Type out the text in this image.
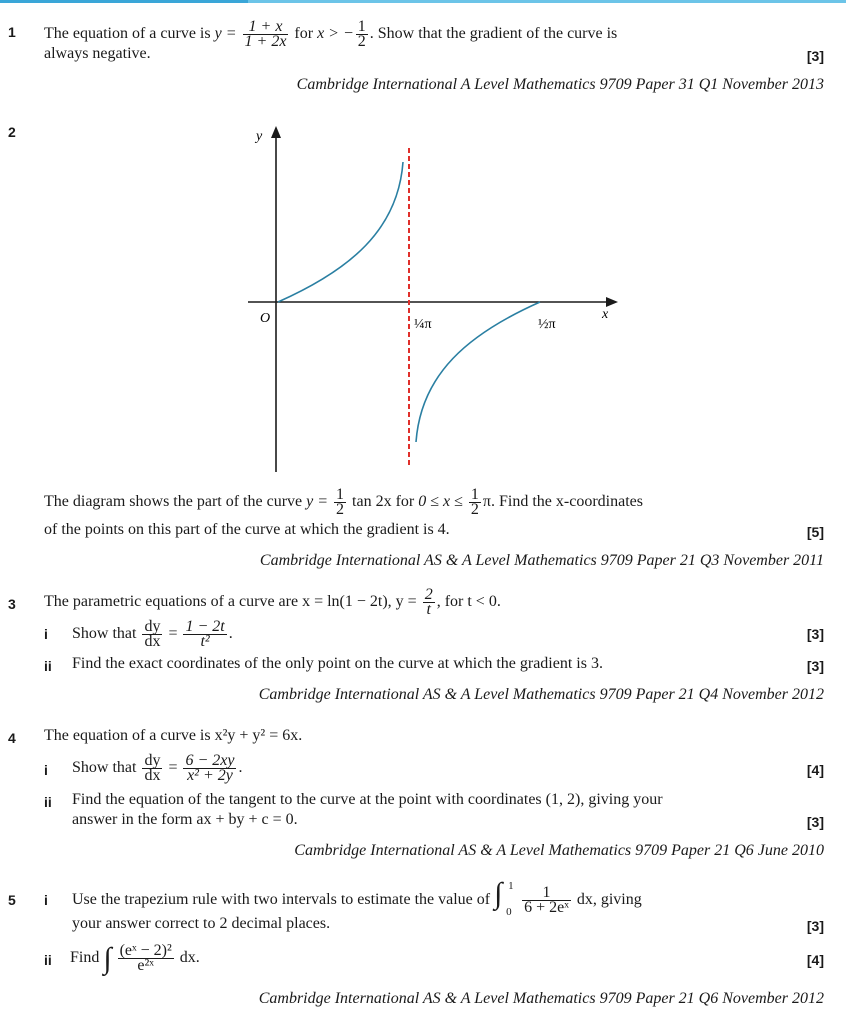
1 The equation of a curve is $y = \frac{1 + x}{1 + 2x}$ for x > − $\frac{1}{2}$ . Show that the gradient of the curve is
always negative.	[3]
Cambridge International A Level Mathematics 9709 Paper 31 Q1 November 2013
2	y
x
O	¼π	½π
The diagram shows the part of the curve $y = \frac{1}{2}$ tan 2x for $0 \le x \le \frac{1}{2} \pi$. Find the x-coordinates
of the points on this part of the curve at which the gradient is 4.	[5]
Cambridge International AS & A Level Mathematics 9709 Paper 21 Q3 November 2011
3 The parametric equations of a curve are x = ln(1 − 2t), $y = \frac{2}{t}$ , for t < 0.
i Show that $\frac{dy}{dx} = \frac{1 - 2t}{\text{t²}}$ .	[3]
ii Find the exact coordinates of the only point on the curve at which the gradient is 3.	[3]
Cambridge International AS & A Level Mathematics 9709 Paper 21 Q4 November 2012
4 The equation of a curve is x²y + y² = 6x.
i Show that $\frac{dy}{dx} = \frac{6 - 2xy}{\text{x² + 2y}}$ .	[4]
ii Find the equation of the tangent to the curve at the point with coordinates (1, 2), giving your
answer in the form ax + by + c = 0.	[3]
Cambridge International AS & A Level Mathematics 9709 Paper 21 Q6 June 2010
5 i Use the trapezium rule with two intervals to estimate the value of ∫ 1
0
$\frac{1}{\text{6 + 2eˣ}}$ dx, giving
your answer correct to 2 decimal places.	[3]
ii Find ∫ $\frac{\text{(eˣ − 2)²}}{\text{e²ˣ}}$ dx.	[4]
Cambridge International AS & A Level Mathematics 9709 Paper 21 Q6 November 2012
